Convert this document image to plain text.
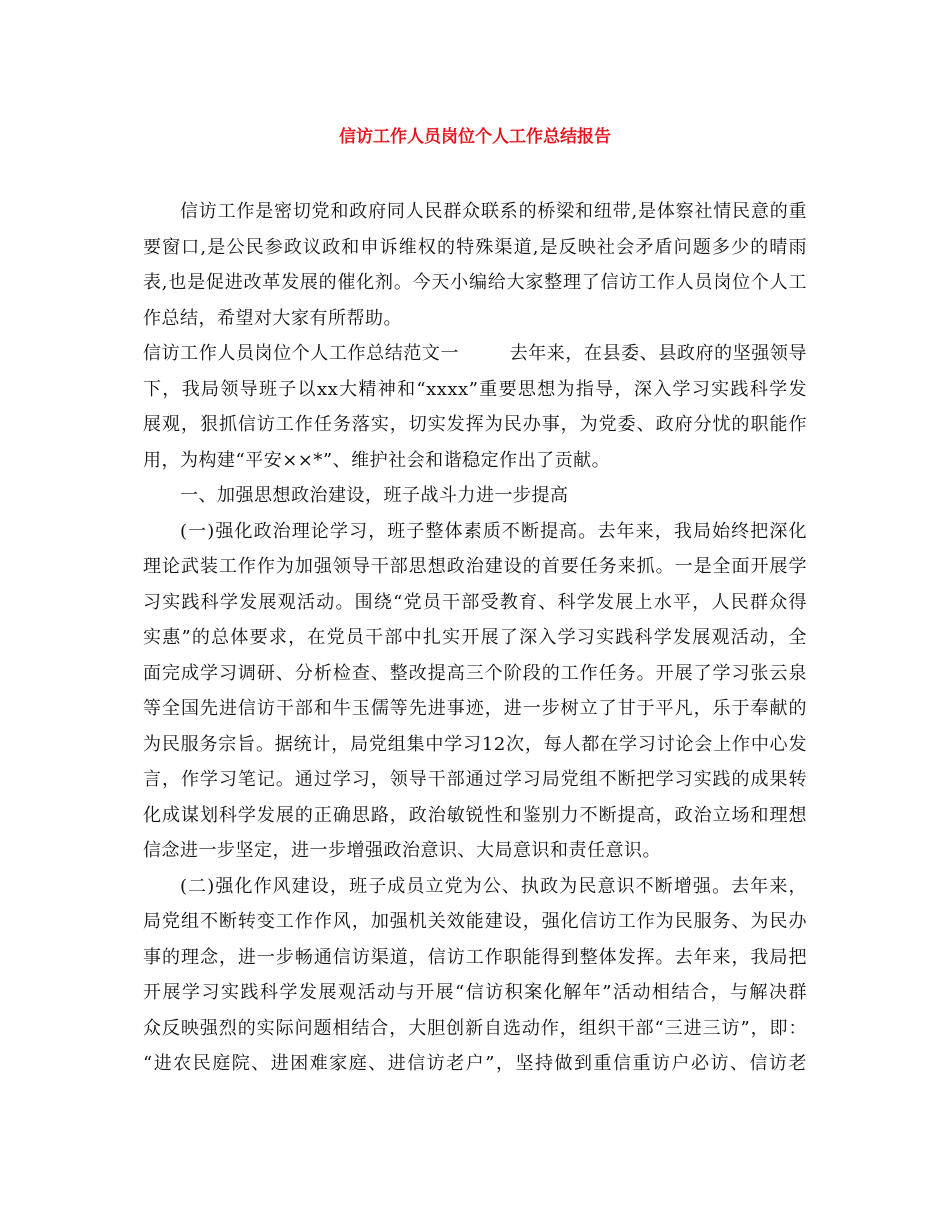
信访工作人员岗位个人工作总结报告
信访工作是密切党和政府同人民群众联系的桥梁和纽带,是体察社情民意的重
要窗口,是公民参政议政和申诉维权的特殊渠道,是反映社会矛盾问题多少的晴雨
表,也是促进改革发展的催化剂。今天小编给大家整理了信访工作人员岗位个人工
作总结，希望对大家有所帮助。
信访工作人员岗位个人工作总结范文一        去年来，在县委、县政府的坚强领导
下，我局领导班子以xx大精神和“xxxx”重要思想为指导，深入学习实践科学发
展观，狠抓信访工作任务落实，切实发挥为民办事，为党委、政府分忧的职能作
用，为构建“平安××*”、维护社会和谐稳定作出了贡献。
一、加强思想政治建设，班子战斗力进一步提高
(一)强化政治理论学习，班子整体素质不断提高。去年来，我局始终把深化
理论武装工作作为加强领导干部思想政治建设的首要任务来抓。一是全面开展学
习实践科学发展观活动。围绕“党员干部受教育、科学发展上水平，人民群众得
实惠”的总体要求，在党员干部中扎实开展了深入学习实践科学发展观活动，全
面完成学习调研、分析检查、整改提高三个阶段的工作任务。开展了学习张云泉
等全国先进信访干部和牛玉儒等先进事迹，进一步树立了甘于平凡，乐于奉献的
为民服务宗旨。据统计，局党组集中学习12次，每人都在学习讨论会上作中心发
言，作学习笔记。通过学习，领导干部通过学习局党组不断把学习实践的成果转
化成谋划科学发展的正确思路，政治敏锐性和鉴别力不断提高，政治立场和理想
信念进一步坚定，进一步增强政治意识、大局意识和责任意识。
(二)强化作风建设，班子成员立党为公、执政为民意识不断增强。去年来，
局党组不断转变工作作风，加强机关效能建设，强化信访工作为民服务、为民办
事的理念，进一步畅通信访渠道，信访工作职能得到整体发挥。去年来，我局把
开展学习实践科学发展观活动与开展“信访积案化解年”活动相结合，与解决群
众反映强烈的实际问题相结合，大胆创新自选动作，组织干部“三进三访”，即：
“进农民庭院、进困难家庭、进信访老户”，坚持做到重信重访户必访、信访老
